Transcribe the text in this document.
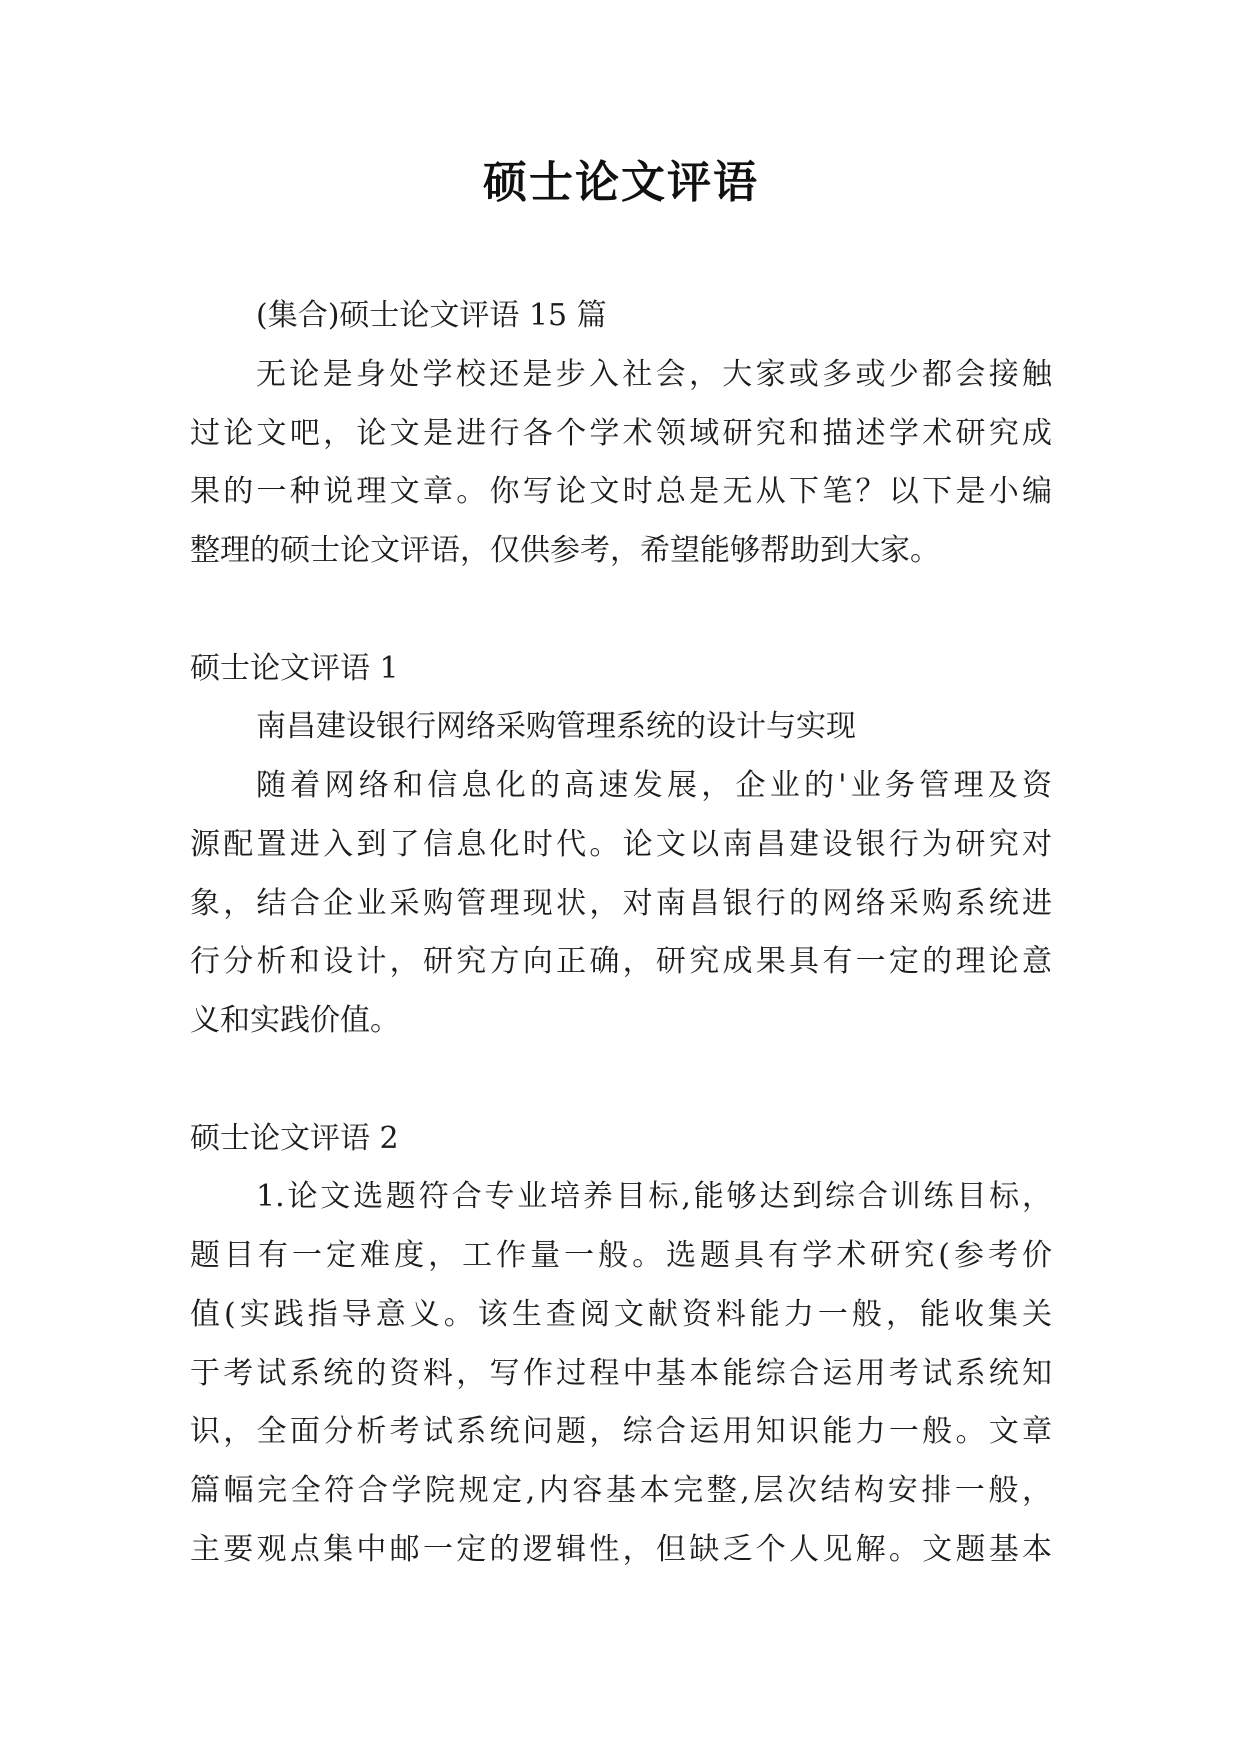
硕士论文评语
(集合)硕士论文评语 15 篇
无论是身处学校还是步入社会，大家或多或少都会接触
过论文吧，论文是进行各个学术领域研究和描述学术研究成
果的一种说理文章。你写论文时总是无从下笔？以下是小编
整理的硕士论文评语，仅供参考，希望能够帮助到大家。
硕士论文评语 1
南昌建设银行网络采购管理系统的设计与实现
随着网络和信息化的高速发展，企业的'业务管理及资
源配置进入到了信息化时代。论文以南昌建设银行为研究对
象，结合企业采购管理现状，对南昌银行的网络采购系统进
行分析和设计，研究方向正确，研究成果具有一定的理论意
义和实践价值。
硕士论文评语 2
1.论文选题符合专业培养目标,能够达到综合训练目标，
题目有一定难度，工作量一般。选题具有学术研究(参考价
值(实践指导意义。该生查阅文献资料能力一般，能收集关
于考试系统的资料，写作过程中基本能综合运用考试系统知
识，全面分析考试系统问题，综合运用知识能力一般。文章
篇幅完全符合学院规定,内容基本完整,层次结构安排一般，
主要观点集中邮一定的逻辑性，但缺乏个人见解。文题基本
